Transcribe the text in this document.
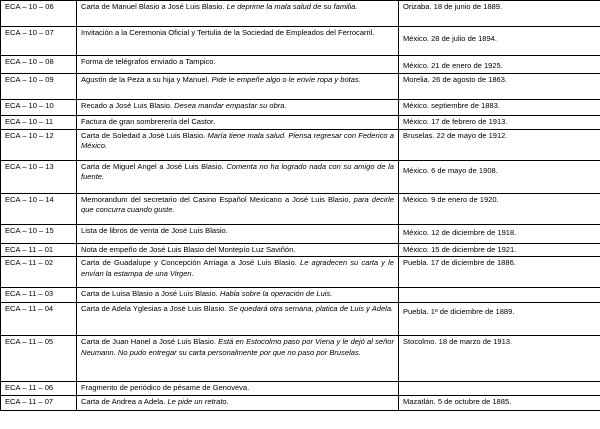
ECA – 10 – 06	Carta de Manuel Blasio a José Luis Blasio. Le deprime la mala salud de su familia.	Orizaba. 18 de junio de 1889.
ECA – 10 – 07	Invitación a la Ceremonia Oficial y Tertulia de la Sociedad de Empleados del Ferrocarril.	México. 28 de julio de 1894.

ECA – 10 – 08	Forma de telégrafos enviado a Tampico.	México. 21 de enero de 1925.

ECA – 10 – 09	Agustín de la Peza a su hija y Manuel. Pide le empeñe algo o le envíe ropa y botas.	Morelia. 26 de agosto de 1863.
ECA – 10 – 10	Recado a José Luis Blasio. Desea mandar empastar su obra.	México. septiembre de 1883.
ECA – 10 – 11	Factura de gran sombrerería del Castor.	México. 17 de febrero de 1913.
ECA – 10 – 12	Carta de Soledad a José Luis Blasio. María tiene mala salud. Piensa regresar con Federico a México.	Bruselas. 22 de mayo de 1912.
ECA – 10 – 13	Carta de Miguel Angel a José Luis Blasio. Comenta no ha logrado nada con su amigo de la fuente.	México. 6 de mayo de 1908.

ECA – 10 – 14	Memorandum del secretario del Casino Español Mexicano a José Luis Blasio, para decirle que concurra cuando guste.	México. 9 de enero de 1920.
ECA – 10 – 15	Lista de libros de venta de José Luis Blasio.	México. 12 de diciembre de 1918.

ECA – 11 – 01	Nota de empeño de José Luis Blasio del Montepío Luz Saviñón.	México. 15 de diciembre de 1921.
ECA – 11 – 02	Carta de Guadalupe y Concepción Arriaga a José Luis Blasio. Le agradecen su carta y le envían la estampa de una Virgen.	Puebla. 17 de diciembre de 1886.
ECA – 11 – 03	Carta de Luisa Blasio a José Luis Blasio. Habla sobre la operación de Luis.	
ECA – 11 – 04	Carta de Adela Yglesias a José Luis Blasio. Se quedará otra semana, platica de Luis y Adela.	Puebla. 1º de diciembre de 1889.

ECA – 11 – 05	Carta de Juan Hanel a José Luis Blasio. Está en Estocolmo paso por Viena y le dejó al señor Neumann. No pudo entregar su carta personalmente por que no paso por Bruselas.	Stocolmo. 18 de marzo de 1913.
ECA – 11 – 06	Fragmento de periódico de pésame de Genoveva.	
ECA – 11 – 07	Carta de Andrea a Adela. Le pide un retrato.	Mazatlán. 5 de octubre de 1885.
